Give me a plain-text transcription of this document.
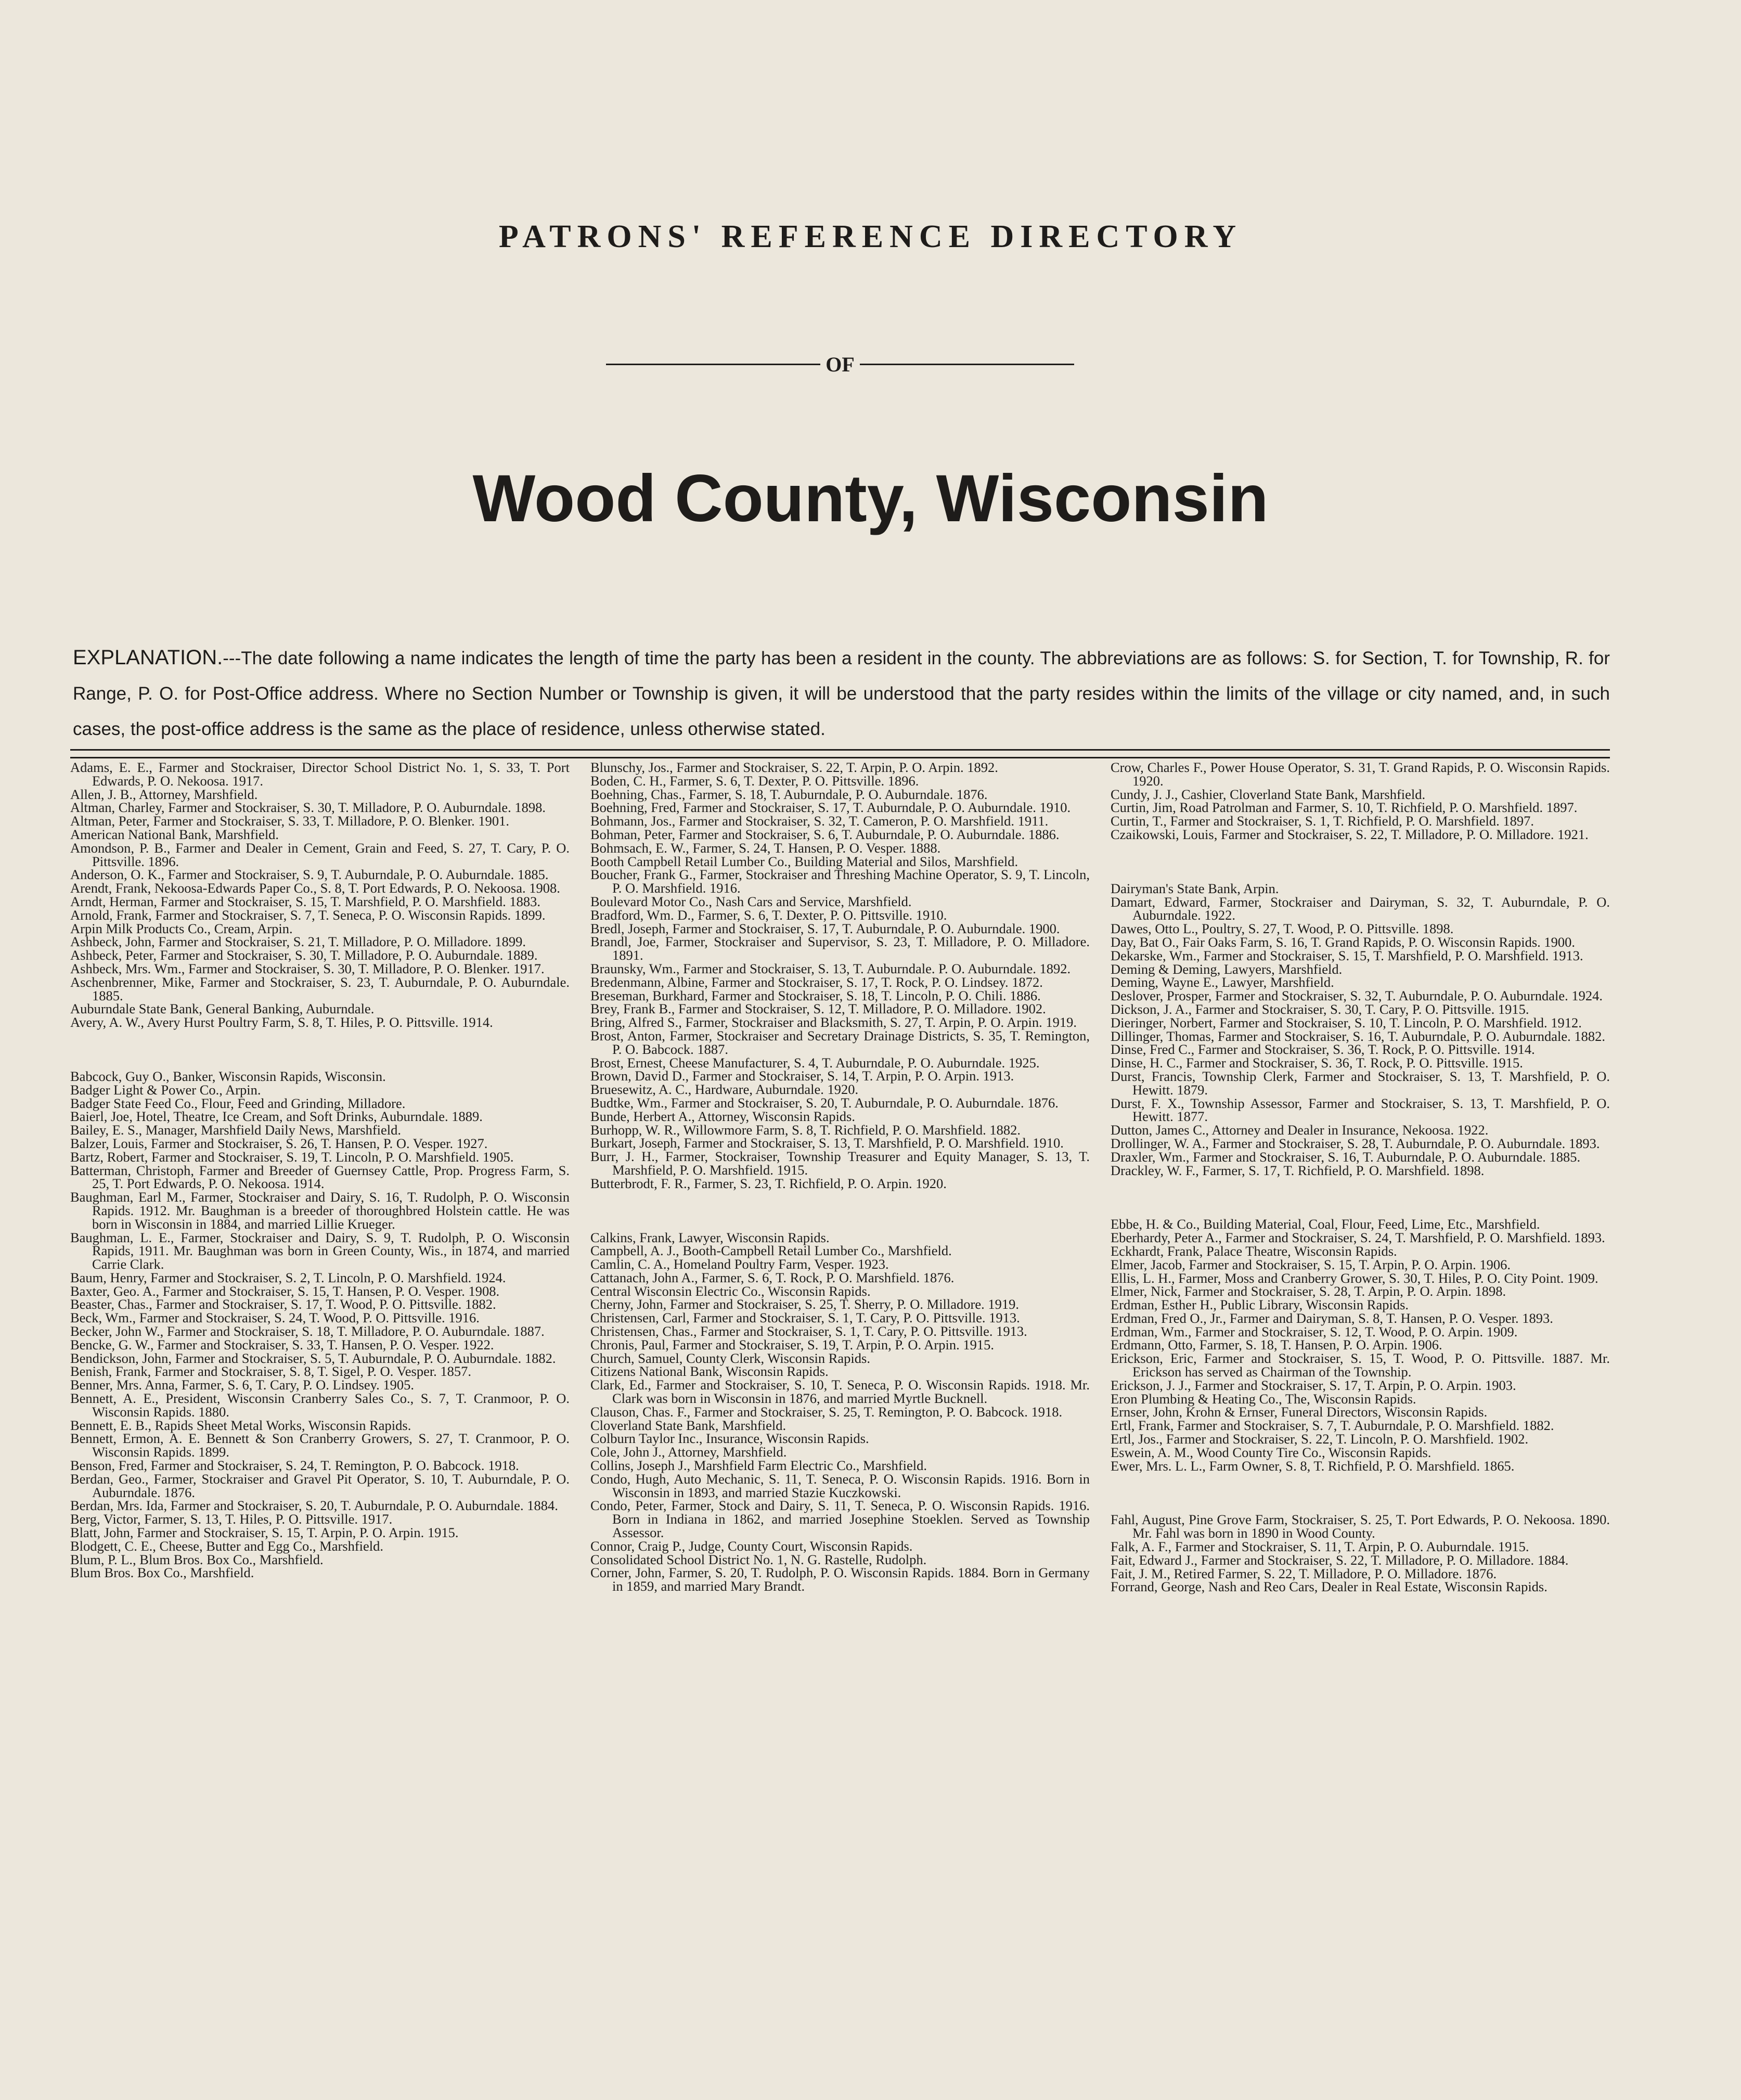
PATRONS' REFERENCE DIRECTORY
OF
Wood County, Wisconsin
EXPLANATION.---The date following a name indicates the length of time the party has been a resident in the county. The abbreviations are as follows: S. for Section, T. for Township, R. for Range, P. O. for Post-Office address. Where no Section Number or Township is given, it will be understood that the party resides within the limits of the village or city named, and, in such cases, the post-office address is the same as the place of residence, unless otherwise stated.

Adams, E. E., Farmer and Stockraiser, Director School District No. 1, S. 33, T. Port Edwards, P. O. Nekoosa. 1917.

Allen, J. B., Attorney, Marshfield.

Altman, Charley, Farmer and Stockraiser, S. 30, T. Milladore, P. O. Auburndale. 1898.

Altman, Peter, Farmer and Stockraiser, S. 33, T. Milladore, P. O. Blenker. 1901.

American National Bank, Marshfield.

Amondson, P. B., Farmer and Dealer in Cement, Grain and Feed, S. 27, T. Cary, P. O. Pittsville. 1896.

Anderson, O. K., Farmer and Stockraiser, S. 9, T. Auburndale, P. O. Auburndale. 1885.

Arendt, Frank, Nekoosa-Edwards Paper Co., S. 8, T. Port Edwards, P. O. Nekoosa. 1908.

Arndt, Herman, Farmer and Stockraiser, S. 15, T. Marshfield, P. O. Marshfield. 1883.

Arnold, Frank, Farmer and Stockraiser, S. 7, T. Seneca, P. O. Wisconsin Rapids. 1899.

Arpin Milk Products Co., Cream, Arpin.

Ashbeck, John, Farmer and Stockraiser, S. 21, T. Milladore, P. O. Milladore. 1899.

Ashbeck, Peter, Farmer and Stockraiser, S. 30, T. Milladore, P. O. Auburndale. 1889.

Ashbeck, Mrs. Wm., Farmer and Stockraiser, S. 30, T. Milladore, P. O. Blenker. 1917.

Aschenbrenner, Mike, Farmer and Stockraiser, S. 23, T. Auburndale, P. O. Auburndale. 1885.

Auburndale State Bank, General Banking, Auburndale.

Avery, A. W., Avery Hurst Poultry Farm, S. 8, T. Hiles, P. O. Pittsville. 1914.

Babcock, Guy O., Banker, Wisconsin Rapids, Wisconsin.

Badger Light & Power Co., Arpin.

Badger State Feed Co., Flour, Feed and Grinding, Milladore.

Baierl, Joe, Hotel, Theatre, Ice Cream, and Soft Drinks, Auburndale. 1889.

Bailey, E. S., Manager, Marshfield Daily News, Marshfield.

Balzer, Louis, Farmer and Stockraiser, S. 26, T. Hansen, P. O. Vesper. 1927.

Bartz, Robert, Farmer and Stockraiser, S. 19, T. Lincoln, P. O. Marshfield. 1905.

Batterman, Christoph, Farmer and Breeder of Guernsey Cattle, Prop. Progress Farm, S. 25, T. Port Edwards, P. O. Nekoosa. 1914.

Baughman, Earl M., Farmer, Stockraiser and Dairy, S. 16, T. Rudolph, P. O. Wisconsin Rapids. 1912. Mr. Baughman is a breeder of thoroughbred Holstein cattle. He was born in Wisconsin in 1884, and married Lillie Krueger.

Baughman, L. E., Farmer, Stockraiser and Dairy, S. 9, T. Rudolph, P. O. Wisconsin Rapids, 1911. Mr. Baughman was born in Green County, Wis., in 1874, and married Carrie Clark.

Baum, Henry, Farmer and Stockraiser, S. 2, T. Lincoln, P. O. Marshfield. 1924.

Baxter, Geo. A., Farmer and Stockraiser, S. 15, T. Hansen, P. O. Vesper. 1908.

Beaster, Chas., Farmer and Stockraiser, S. 17, T. Wood, P. O. Pittsville. 1882.

Beck, Wm., Farmer and Stockraiser, S. 24, T. Wood, P. O. Pittsville. 1916.

Becker, John W., Farmer and Stockraiser, S. 18, T. Milladore, P. O. Auburndale. 1887.

Bencke, G. W., Farmer and Stockraiser, S. 33, T. Hansen, P. O. Vesper. 1922.

Bendickson, John, Farmer and Stockraiser, S. 5, T. Auburndale, P. O. Auburndale. 1882.

Benish, Frank, Farmer and Stockraiser, S. 8, T. Sigel, P. O. Vesper. 1857.

Benner, Mrs. Anna, Farmer, S. 6, T. Cary, P. O. Lindsey. 1905.

Bennett, A. E., President, Wisconsin Cranberry Sales Co., S. 7, T. Cranmoor, P. O. Wisconsin Rapids. 1880.

Bennett, E. B., Rapids Sheet Metal Works, Wisconsin Rapids.

Bennett, Ermon, A. E. Bennett & Son Cranberry Growers, S. 27, T. Cranmoor, P. O. Wisconsin Rapids. 1899.

Benson, Fred, Farmer and Stockraiser, S. 24, T. Remington, P. O. Babcock. 1918.

Berdan, Geo., Farmer, Stockraiser and Gravel Pit Operator, S. 10, T. Auburndale, P. O. Auburndale. 1876.

Berdan, Mrs. Ida, Farmer and Stockraiser, S. 20, T. Auburndale, P. O. Auburndale. 1884.

Berg, Victor, Farmer, S. 13, T. Hiles, P. O. Pittsville. 1917.

Blatt, John, Farmer and Stockraiser, S. 15, T. Arpin, P. O. Arpin. 1915.

Blodgett, C. E., Cheese, Butter and Egg Co., Marshfield.

Blum, P. L., Blum Bros. Box Co., Marshfield.

Blum Bros. Box Co., Marshfield.

Blunschy, Jos., Farmer and Stockraiser, S. 22, T. Arpin, P. O. Arpin. 1892.

Boden, C. H., Farmer, S. 6, T. Dexter, P. O. Pittsville. 1896.

Boehning, Chas., Farmer, S. 18, T. Auburndale, P. O. Auburndale. 1876.

Boehning, Fred, Farmer and Stockraiser, S. 17, T. Auburndale, P. O. Auburndale. 1910.

Bohmann, Jos., Farmer and Stockraiser, S. 32, T. Cameron, P. O. Marshfield. 1911.

Bohman, Peter, Farmer and Stockraiser, S. 6, T. Auburndale, P. O. Auburndale. 1886.

Bohmsach, E. W., Farmer, S. 24, T. Hansen, P. O. Vesper. 1888.

Booth Campbell Retail Lumber Co., Building Material and Silos, Marshfield.

Boucher, Frank G., Farmer, Stockraiser and Threshing Machine Operator, S. 9, T. Lincoln, P. O. Marshfield. 1916.

Boulevard Motor Co., Nash Cars and Service, Marshfield.

Bradford, Wm. D., Farmer, S. 6, T. Dexter, P. O. Pittsville. 1910.

Bredl, Joseph, Farmer and Stockraiser, S. 17, T. Auburndale, P. O. Auburndale. 1900.

Brandl, Joe, Farmer, Stockraiser and Supervisor, S. 23, T. Milladore, P. O. Milladore. 1891.

Braunsky, Wm., Farmer and Stockraiser, S. 13, T. Auburndale. P. O. Auburndale. 1892.

Bredenmann, Albine, Farmer and Stockraiser, S. 17, T. Rock, P. O. Lindsey. 1872.

Breseman, Burkhard, Farmer and Stockraiser, S. 18, T. Lincoln, P. O. Chili. 1886.

Brey, Frank B., Farmer and Stockraiser, S. 12, T. Milladore, P. O. Milladore. 1902.

Bring, Alfred S., Farmer, Stockraiser and Blacksmith, S. 27, T. Arpin, P. O. Arpin. 1919.

Brost, Anton, Farmer, Stockraiser and Secretary Drainage Districts, S. 35, T. Remington, P. O. Babcock. 1887.

Brost, Ernest, Cheese Manufacturer, S. 4, T. Auburndale, P. O. Auburndale. 1925.

Brown, David D., Farmer and Stockraiser, S. 14, T. Arpin, P. O. Arpin. 1913.

Bruesewitz, A. C., Hardware, Auburndale. 1920.

Budtke, Wm., Farmer and Stockraiser, S. 20, T. Auburndale, P. O. Auburndale. 1876.

Bunde, Herbert A., Attorney, Wisconsin Rapids.

Burhopp, W. R., Willowmore Farm, S. 8, T. Richfield, P. O. Marshfield. 1882.

Burkart, Joseph, Farmer and Stockraiser, S. 13, T. Marshfield, P. O. Marshfield. 1910.

Burr, J. H., Farmer, Stockraiser, Township Treasurer and Equity Manager, S. 13, T. Marshfield, P. O. Marshfield. 1915.

Butterbrodt, F. R., Farmer, S. 23, T. Richfield, P. O. Arpin. 1920.

Calkins, Frank, Lawyer, Wisconsin Rapids.

Campbell, A. J., Booth-Campbell Retail Lumber Co., Marshfield.

Camlin, C. A., Homeland Poultry Farm, Vesper. 1923.

Cattanach, John A., Farmer, S. 6, T. Rock, P. O. Marshfield. 1876.

Central Wisconsin Electric Co., Wisconsin Rapids.

Cherny, John, Farmer and Stockraiser, S. 25, T. Sherry, P. O. Milladore. 1919.

Christensen, Carl, Farmer and Stockraiser, S. 1, T. Cary, P. O. Pittsville. 1913.

Christensen, Chas., Farmer and Stockraiser, S. 1, T. Cary, P. O. Pittsville. 1913.

Chronis, Paul, Farmer and Stockraiser, S. 19, T. Arpin, P. O. Arpin. 1915.

Church, Samuel, County Clerk, Wisconsin Rapids.

Citizens National Bank, Wisconsin Rapids.

Clark, Ed., Farmer and Stockraiser, S. 10, T. Seneca, P. O. Wisconsin Rapids. 1918. Mr. Clark was born in Wisconsin in 1876, and married Myrtle Bucknell.

Clauson, Chas. F., Farmer and Stockraiser, S. 25, T. Remington, P. O. Babcock. 1918.

Cloverland State Bank, Marshfield.

Colburn Taylor Inc., Insurance, Wisconsin Rapids.

Cole, John J., Attorney, Marshfield.

Collins, Joseph J., Marshfield Farm Electric Co., Marshfield.

Condo, Hugh, Auto Mechanic, S. 11, T. Seneca, P. O. Wisconsin Rapids. 1916. Born in Wisconsin in 1893, and married Stazie Kuczkowski.

Condo, Peter, Farmer, Stock and Dairy, S. 11, T. Seneca, P. O. Wisconsin Rapids. 1916. Born in Indiana in 1862, and married Josephine Stoeklen. Served as Township Assessor.

Connor, Craig P., Judge, County Court, Wisconsin Rapids.

Consolidated School District No. 1, N. G. Rastelle, Rudolph.

Corner, John, Farmer, S. 20, T. Rudolph, P. O. Wisconsin Rapids. 1884. Born in Germany in 1859, and married Mary Brandt.

Crow, Charles F., Power House Operator, S. 31, T. Grand Rapids, P. O. Wisconsin Rapids. 1920.

Cundy, J. J., Cashier, Cloverland State Bank, Marshfield.

Curtin, Jim, Road Patrolman and Farmer, S. 10, T. Richfield, P. O. Marshfield. 1897.

Curtin, T., Farmer and Stockraiser, S. 1, T. Richfield, P. O. Marshfield. 1897.

Czaikowski, Louis, Farmer and Stockraiser, S. 22, T. Milladore, P. O. Milladore. 1921.

Dairyman's State Bank, Arpin.

Damart, Edward, Farmer, Stockraiser and Dairyman, S. 32, T. Auburndale, P. O. Auburndale. 1922.

Dawes, Otto L., Poultry, S. 27, T. Wood, P. O. Pittsville. 1898.

Day, Bat O., Fair Oaks Farm, S. 16, T. Grand Rapids, P. O. Wisconsin Rapids. 1900.

Dekarske, Wm., Farmer and Stockraiser, S. 15, T. Marshfield, P. O. Marshfield. 1913.

Deming & Deming, Lawyers, Marshfield.

Deming, Wayne E., Lawyer, Marshfield.

Deslover, Prosper, Farmer and Stockraiser, S. 32, T. Auburndale, P. O. Auburndale. 1924.

Dickson, J. A., Farmer and Stockraiser, S. 30, T. Cary, P. O. Pittsville. 1915.

Dieringer, Norbert, Farmer and Stockraiser, S. 10, T. Lincoln, P. O. Marshfield. 1912.

Dillinger, Thomas, Farmer and Stockraiser, S. 16, T. Auburndale, P. O. Auburndale. 1882.

Dinse, Fred C., Farmer and Stockraiser, S. 36, T. Rock, P. O. Pittsville. 1914.

Dinse, H. C., Farmer and Stockraiser, S. 36, T. Rock, P. O. Pittsville. 1915.

Durst, Francis, Township Clerk, Farmer and Stockraiser, S. 13, T. Marshfield, P. O. Hewitt. 1879.

Durst, F. X., Township Assessor, Farmer and Stockraiser, S. 13, T. Marshfield, P. O. Hewitt. 1877.

Dutton, James C., Attorney and Dealer in Insurance, Nekoosa. 1922.

Drollinger, W. A., Farmer and Stockraiser, S. 28, T. Auburndale, P. O. Auburndale. 1893.

Draxler, Wm., Farmer and Stockraiser, S. 16, T. Auburndale, P. O. Auburndale. 1885.

Drackley, W. F., Farmer, S. 17, T. Richfield, P. O. Marshfield. 1898.

Ebbe, H. & Co., Building Material, Coal, Flour, Feed, Lime, Etc., Marshfield.

Eberhardy, Peter A., Farmer and Stockraiser, S. 24, T. Marshfield, P. O. Marshfield. 1893.

Eckhardt, Frank, Palace Theatre, Wisconsin Rapids.

Elmer, Jacob, Farmer and Stockraiser, S. 15, T. Arpin, P. O. Arpin. 1906.

Ellis, L. H., Farmer, Moss and Cranberry Grower, S. 30, T. Hiles, P. O. City Point. 1909.

Elmer, Nick, Farmer and Stockraiser, S. 28, T. Arpin, P. O. Arpin. 1898.

Erdman, Esther H., Public Library, Wisconsin Rapids.

Erdman, Fred O., Jr., Farmer and Dairyman, S. 8, T. Hansen, P. O. Vesper. 1893.

Erdman, Wm., Farmer and Stockraiser, S. 12, T. Wood, P. O. Arpin. 1909.

Erdmann, Otto, Farmer, S. 18, T. Hansen, P. O. Arpin. 1906.

Erickson, Eric, Farmer and Stockraiser, S. 15, T. Wood, P. O. Pittsville. 1887. Mr. Erickson has served as Chairman of the Township.

Erickson, J. J., Farmer and Stockraiser, S. 17, T. Arpin, P. O. Arpin. 1903.

Eron Plumbing & Heating Co., The, Wisconsin Rapids.

Ernser, John, Krohn & Ernser, Funeral Directors, Wisconsin Rapids.

Ertl, Frank, Farmer and Stockraiser, S. 7, T. Auburndale, P. O. Marshfield. 1882.

Ertl, Jos., Farmer and Stockraiser, S. 22, T. Lincoln, P. O. Marshfield. 1902.

Eswein, A. M., Wood County Tire Co., Wisconsin Rapids.

Ewer, Mrs. L. L., Farm Owner, S. 8, T. Richfield, P. O. Marshfield. 1865.

Fahl, August, Pine Grove Farm, Stockraiser, S. 25, T. Port Edwards, P. O. Nekoosa. 1890. Mr. Fahl was born in 1890 in Wood County.

Falk, A. F., Farmer and Stockraiser, S. 11, T. Arpin, P. O. Auburndale. 1915.

Fait, Edward J., Farmer and Stockraiser, S. 22, T. Milladore, P. O. Milladore. 1884.

Fait, J. M., Retired Farmer, S. 22, T. Milladore, P. O. Milladore. 1876.

Forrand, George, Nash and Reo Cars, Dealer in Real Estate, Wisconsin Rapids.
